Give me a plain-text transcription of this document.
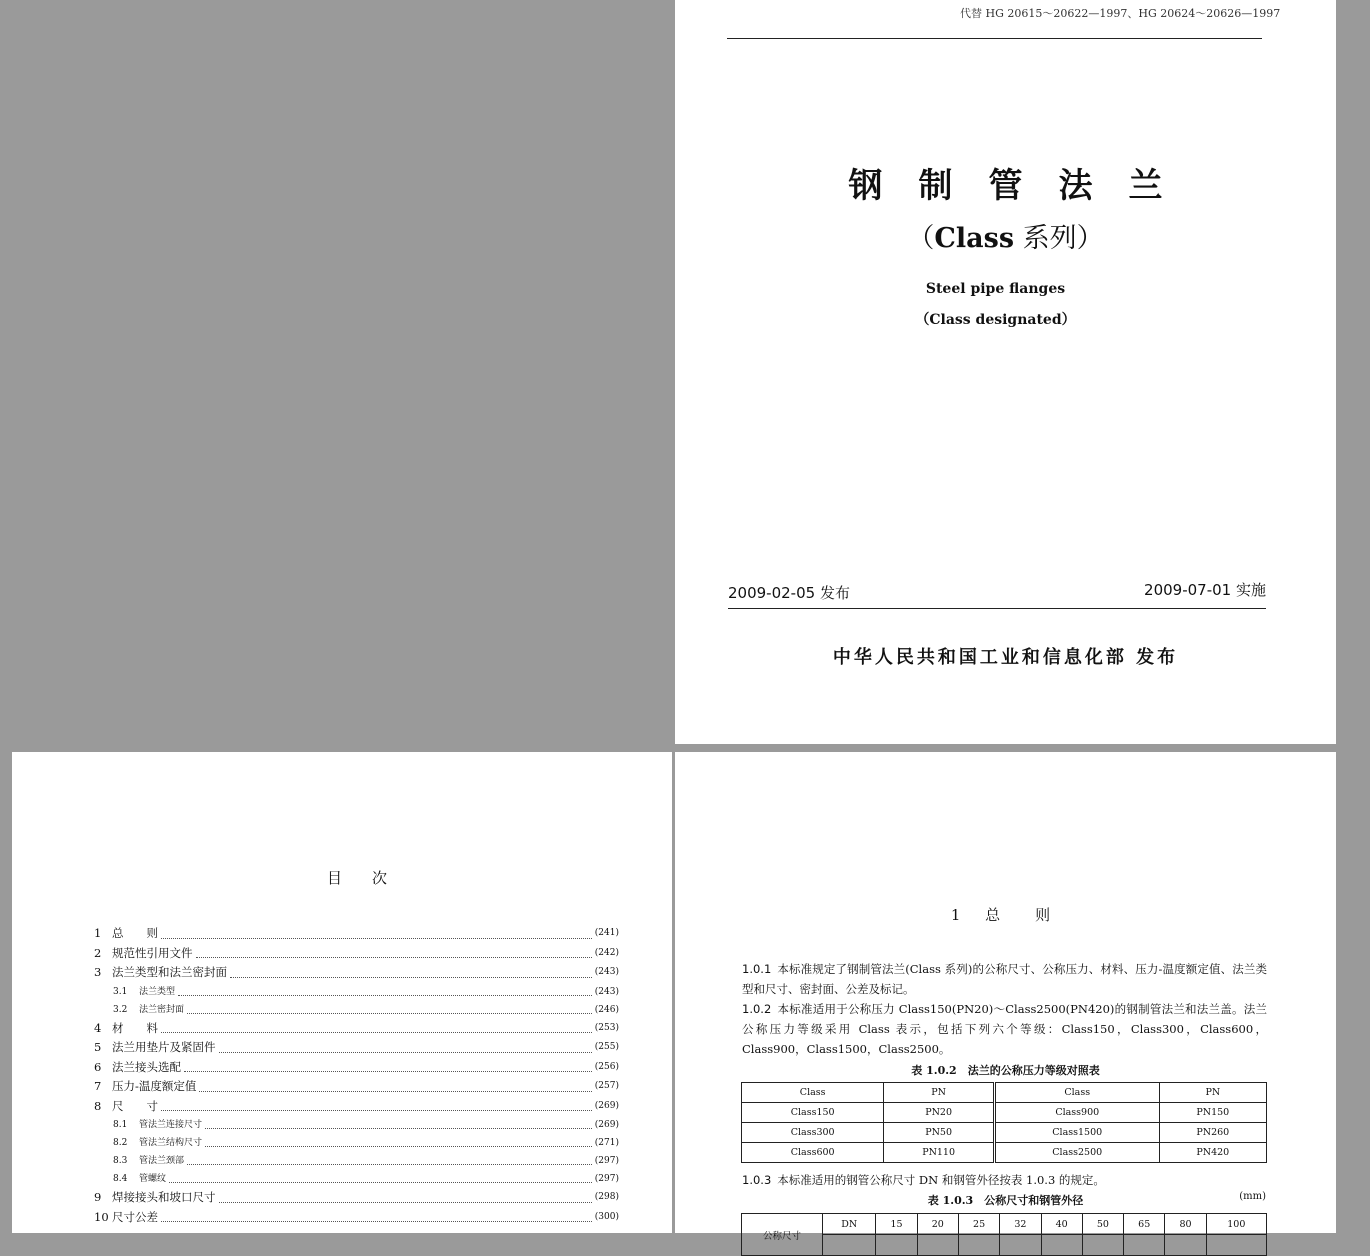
代替 HG 20615～20622—1997、HG 20624～20626—1997
钢制管法兰
（Class 系列）
Steel pipe flanges
（Class designated）
2009-02-05 发布	2009-07-01 实施
中华人民共和国工业和信息化部 发布
目次
1 总　　则	(241)
2 规范性引用文件	(242)
3 法兰类型和法兰密封面	(243)
3.1	法兰类型	(243)
3.2	法兰密封面	(246)
4 材　　料	(253)
5 法兰用垫片及紧固件	(255)
6 法兰接头选配	(256)
7 压力-温度额定值	(257)
8 尺　　寸	(269)
8.1	管法兰连接尺寸	(269)
8.2	管法兰结构尺寸	(271)
8.3	管法兰颈部	(297)
8.4	管螺纹	(297)
9 焊接接头和坡口尺寸	(298)
10 尺寸公差	(300)
1 总　则
1.0.1 本标准规定了钢制管法兰(Class 系列)的公称尺寸、公称压力、材料、压力-温度额定值、法兰类型和尺寸、密封面、公差及标记。
1.0.2 本标准适用于公称压力 Class150(PN20)～Class2500(PN420)的钢制管法兰和法兰盖。法兰公称压力等级采用 Class 表示，包括下列六个等级：Class150，Class300，Class600，Class900，Class1500，Class2500。
表 1.0.2　法兰的公称压力等级对照表
Class	PN	Class	PN
Class150	PN20	Class900	PN150
Class300	PN50	Class1500	PN260
Class600	PN110	Class2500	PN420
1.0.3 本标准适用的钢管公称尺寸 DN 和钢管外径按表 1.0.3 的规定。
表 1.0.3　公称尺寸和钢管外径	(mm)
公称尺寸	DN	15	20	25	32	40	50	65	80	100
